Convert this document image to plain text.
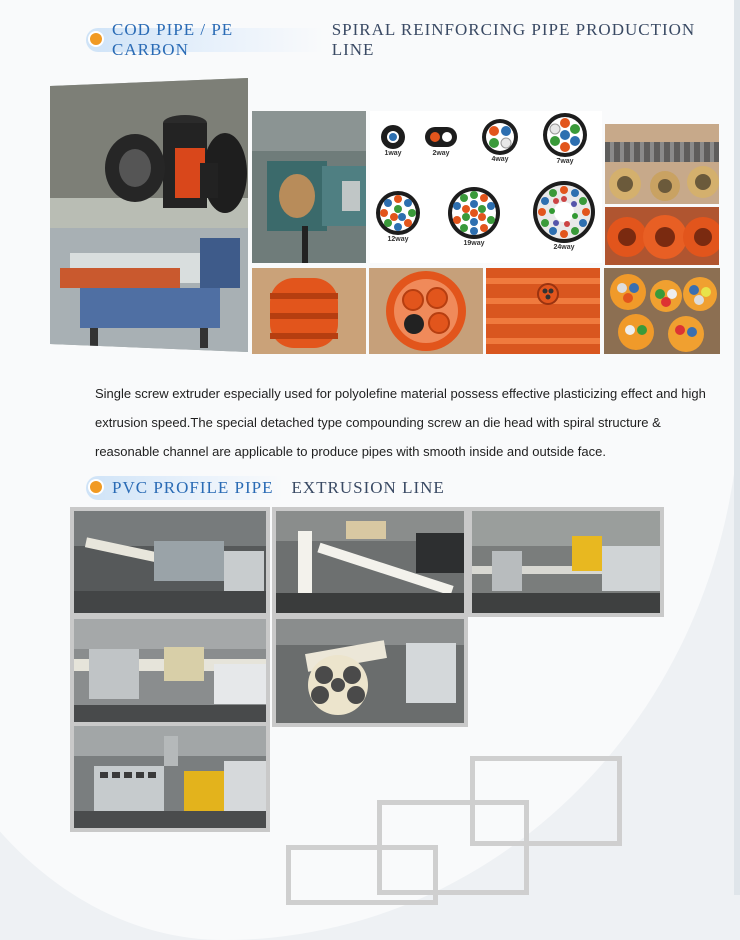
COD PIPE / PE CARBON
SPIRAL REINFORCING PIPE PRODUCTION LINE
1way	2way
4way	7way
12way
19way
24way

Single screw extruder especially used for polyolefine material possess effective plasticizing effect and high extrusion speed.The special detached type compounding screw an die head with spiral structure & reasonable channel are applicable to produce pipes with smooth inside and outside face.

PVC PROFILE PIPE EXTRUSION LINE
